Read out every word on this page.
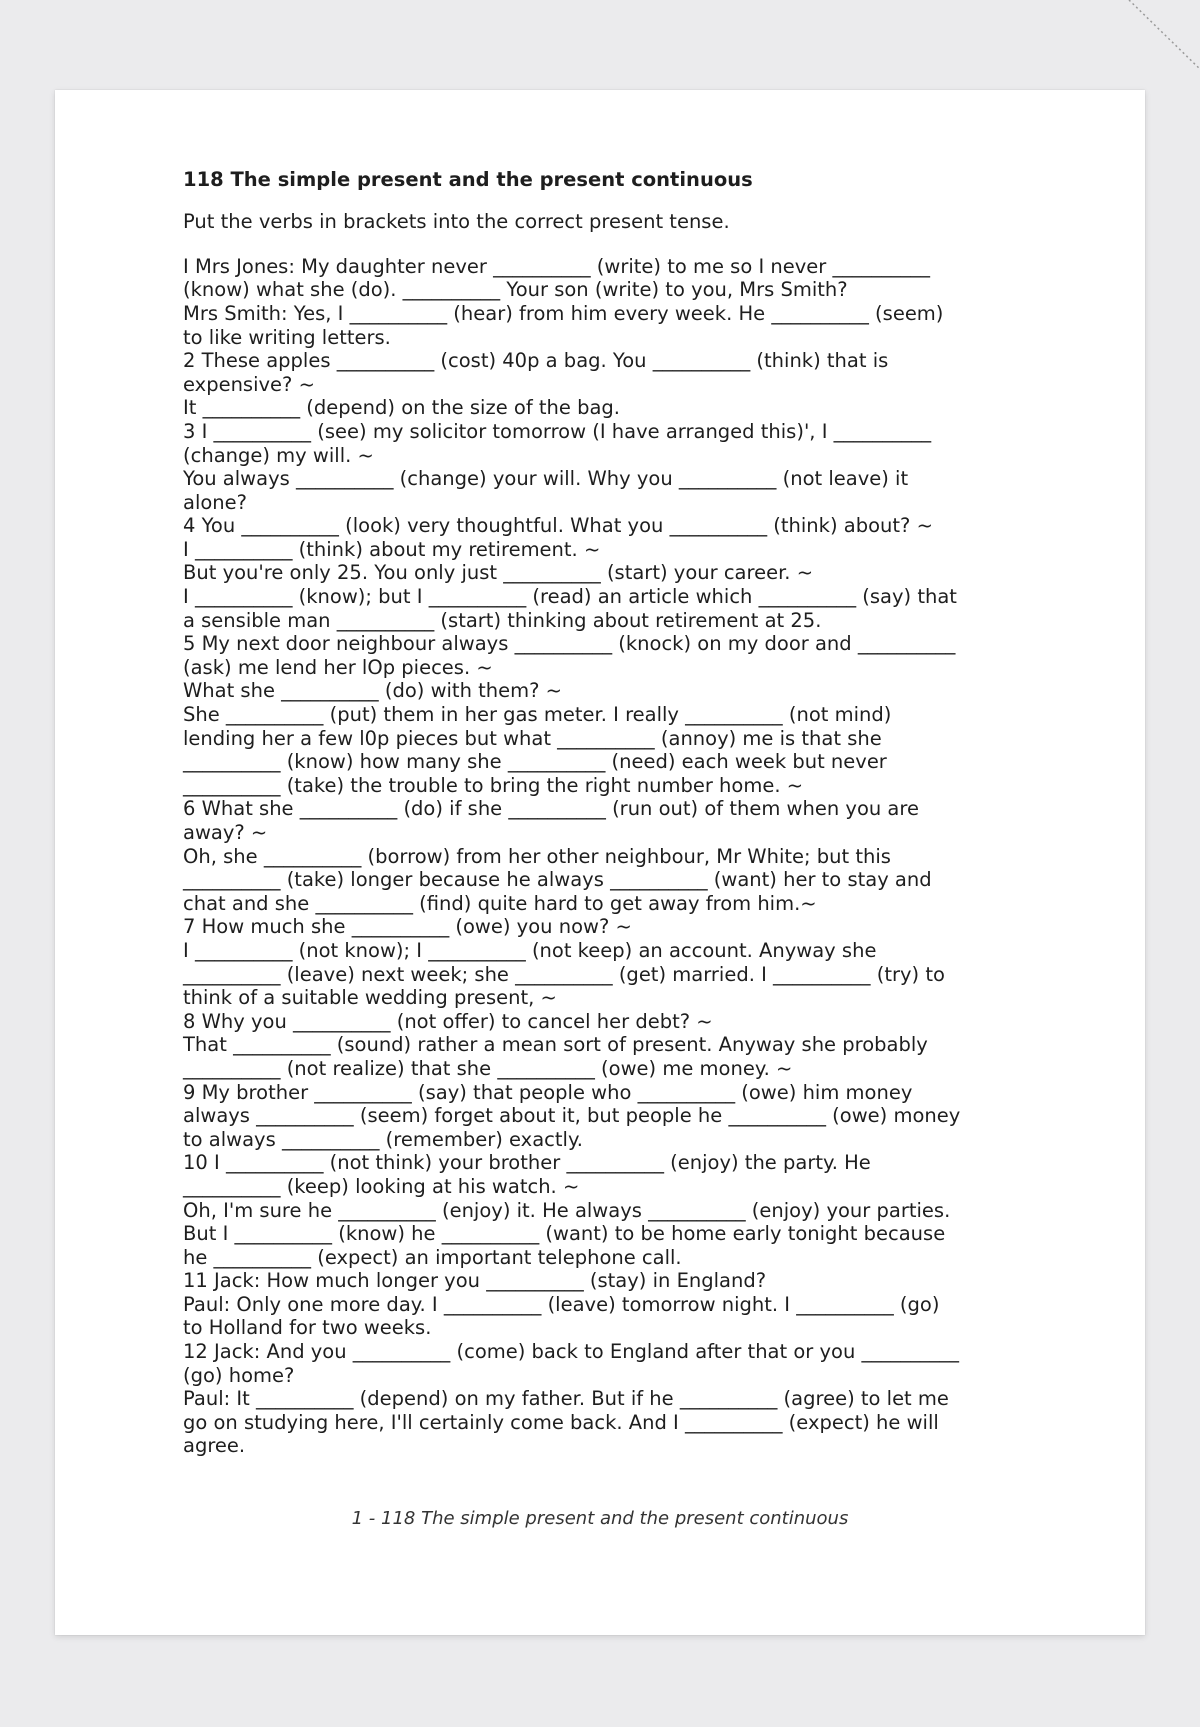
118 The simple present and the present continuous
Put the verbs in brackets into the correct present tense.
I Mrs Jones: My daughter never __________ (write) to me so I never __________
(know) what she (do). __________ Your son (write) to you, Mrs Smith?
Mrs Smith: Yes, I __________ (hear) from him every week. He __________ (seem)
to like writing letters.
2 These apples __________ (cost) 40p a bag. You __________ (think) that is
expensive? ~
It __________ (depend) on the size of the bag.
3 I __________ (see) my solicitor tomorrow (I have arranged this)', I __________
(change) my will. ~
You always __________ (change) your will. Why you __________ (not leave) it
alone?
4 You __________ (look) very thoughtful. What you __________ (think) about? ~
I __________ (think) about my retirement. ~
But you're only 25. You only just __________ (start) your career. ~
I __________ (know); but I __________ (read) an article which __________ (say) that
a sensible man __________ (start) thinking about retirement at 25.
5 My next door neighbour always __________ (knock) on my door and __________
(ask) me lend her lOp pieces. ~
What she __________ (do) with them? ~
She __________ (put) them in her gas meter. I really __________ (not mind)
lending her a few l0p pieces but what __________ (annoy) me is that she
__________ (know) how many she __________ (need) each week but never
__________ (take) the trouble to bring the right number home. ~
6 What she __________ (do) if she __________ (run out) of them when you are
away? ~
Oh, she __________ (borrow) from her other neighbour, Mr White; but this
__________ (take) longer because he always __________ (want) her to stay and
chat and she __________ (find) quite hard to get away from him.~
7 How much she __________ (owe) you now? ~
I __________ (not know); I __________ (not keep) an account. Anyway she
__________ (leave) next week; she __________ (get) married. I __________ (try) to
think of a suitable wedding present, ~
8 Why you __________ (not offer) to cancel her debt? ~
That __________ (sound) rather a mean sort of present. Anyway she probably
__________ (not realize) that she __________ (owe) me money. ~
9 My brother __________ (say) that people who __________ (owe) him money
always __________ (seem) forget about it, but people he __________ (owe) money
to always __________ (remember) exactly.
10 I __________ (not think) your brother __________ (enjoy) the party. He
__________ (keep) looking at his watch. ~
Oh, I'm sure he __________ (enjoy) it. He always __________ (enjoy) your parties.
But I __________ (know) he __________ (want) to be home early tonight because
he __________ (expect) an important telephone call.
11 Jack: How much longer you __________ (stay) in England?
Paul: Only one more day. I __________ (leave) tomorrow night. I __________ (go)
to Holland for two weeks.
12 Jack: And you __________ (come) back to England after that or you __________
(go) home?
Paul: It __________ (depend) on my father. But if he __________ (agree) to let me
go on studying here, I'll certainly come back. And I __________ (expect) he will
agree.
1 - 118 The simple present and the present continuous
